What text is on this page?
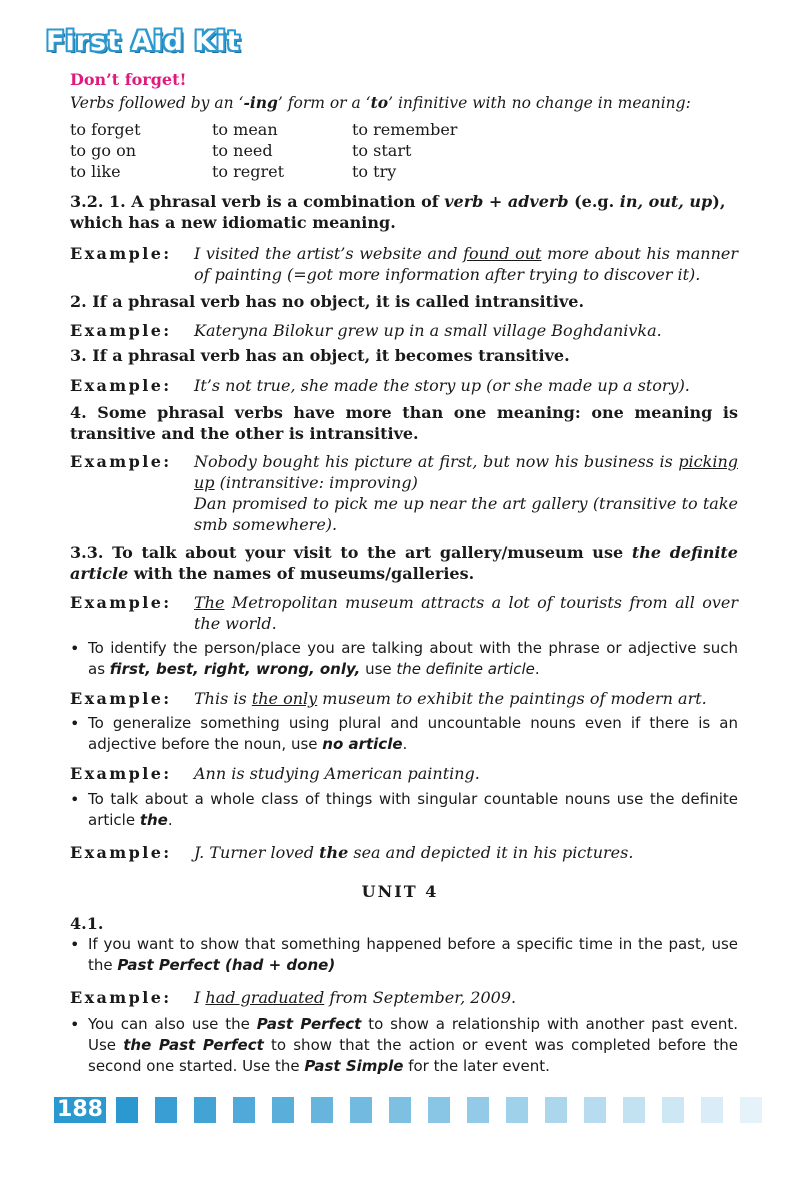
First Aid Kit
Don’t forget!
Verbs followed by an ‘-ing’ form or a ‘to’ infinitive with no change in meaning:
to forget	to mean	to remember
to go on	to need	to start
to like	to regret	to try
3.2. 1. A phrasal verb is a combination of verb + adverb (e.g. in, out, up), which has a new idiomatic meaning.
Example: I visited the artist’s website and found out more about his manner of painting (=got more information after trying to discover it).
2. If a phrasal verb has no object, it is called intransitive.
Example: Kateryna Bilokur grew up in a small village Boghdanivka.
3. If a phrasal verb has an object, it becomes transitive.
Example: It’s not true, she made the story up (or she made up a story).
4. Some phrasal verbs have more than one meaning: one meaning is transitive and the other is intransitive.
Example: Nobody bought his picture at first, but now his business is picking up (intransitive: improving)
Dan promised to pick me up near the art gallery (transitive to take smb somewhere).
3.3. To talk about your visit to the art gallery/museum use the definite article with the names of museums/galleries.
Example: The Metropolitan museum attracts a lot of tourists from all over the world.
• To identify the person/place you are talking about with the phrase or adjective such as first, best, right, wrong, only, use the definite article.
Example: This is the only museum to exhibit the paintings of modern art.
• To generalize something using plural and uncountable nouns even if there is an adjective before the noun, use no article.
Example: Ann is studying American painting.
• To talk about a whole class of things with singular countable nouns use the definite article the.
Example: J. Turner loved the sea and depicted it in his pictures.
UNIT 4
4.1.
• If you want to show that something happened before a specific time in the past, use the Past Perfect (had + done)
Example: I had graduated from September, 2009.
• You can also use the Past Perfect to show a relationship with another past event. Use the Past Perfect to show that the action or event was completed before the second one started. Use the Past Simple for the later event.
188
